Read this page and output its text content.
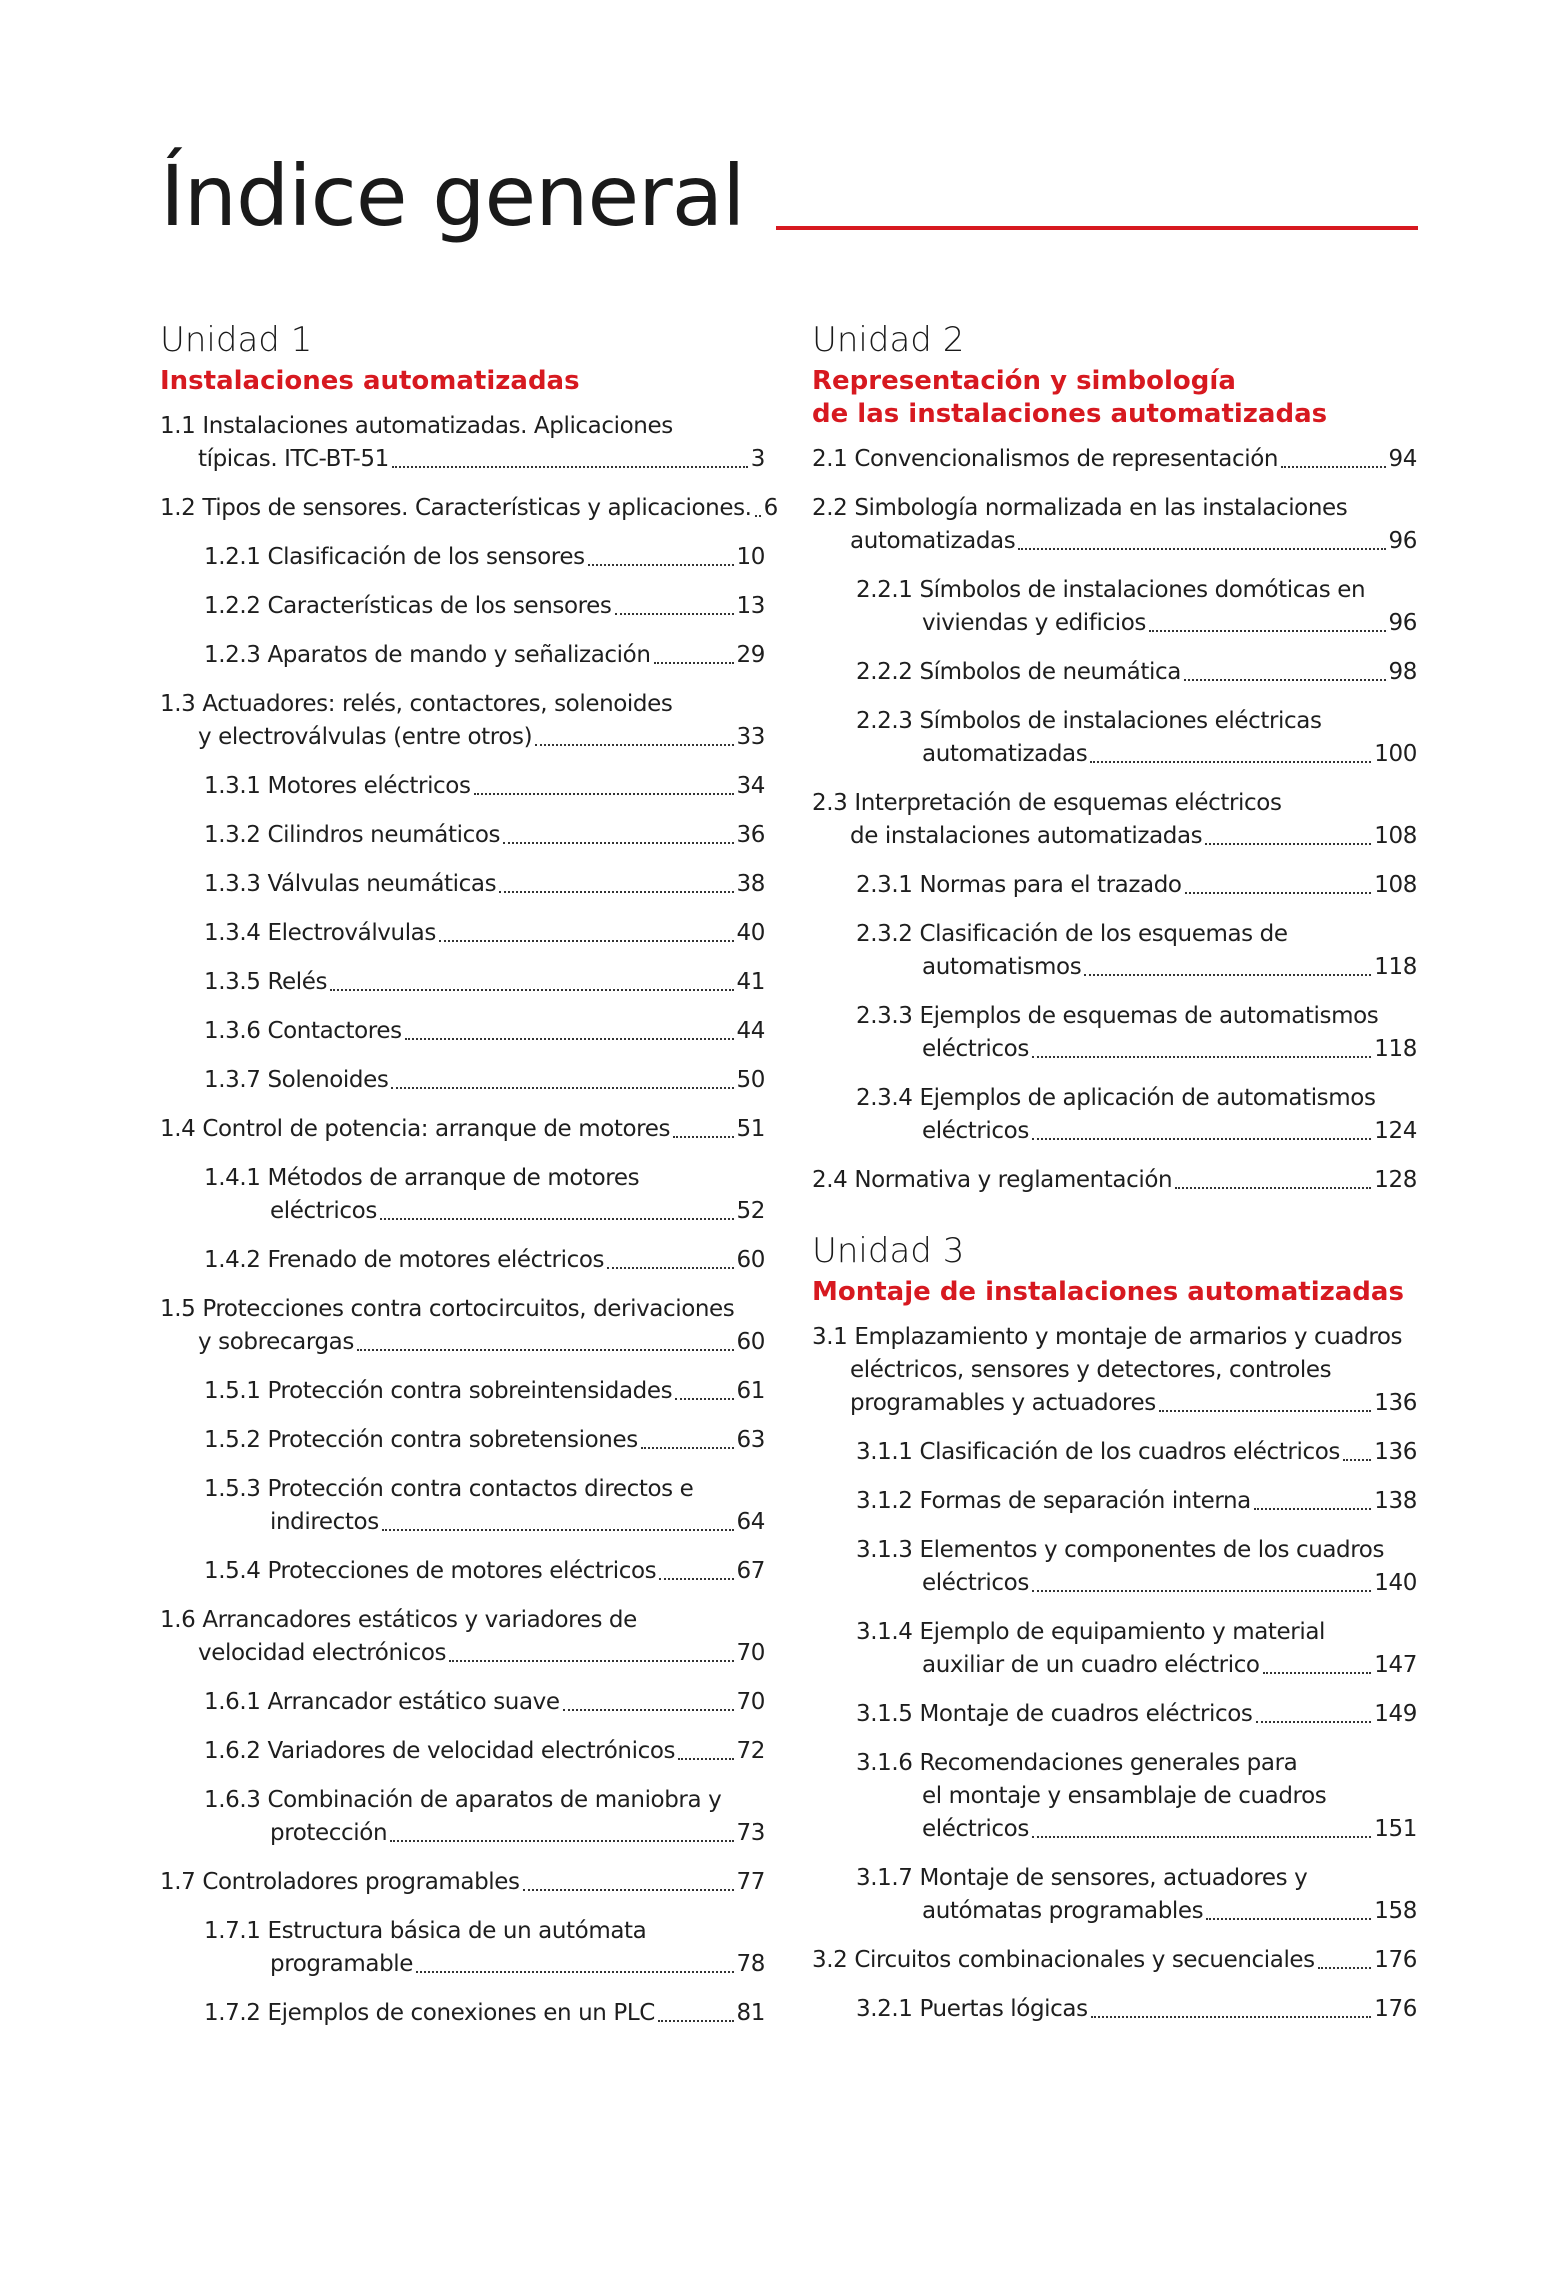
Índice general
Unidad 1
Instalaciones automatizadas
1.1
Instalaciones automatizadas. Aplicaciones
típicas. ITC-BT-51	3
1.2
Tipos de sensores. Características y aplicaciones. 6
1.2.1
Clasificación de los sensores	10
1.2.2
Características de los sensores	13
1.2.3
Aparatos de mando y señalización	29
1.3
Actuadores: relés, contactores, solenoides
y electroválvulas (entre otros)	33
1.3.1
Motores eléctricos	34
1.3.2
Cilindros neumáticos	36
1.3.3
Válvulas neumáticas	38
1.3.4
Electroválvulas	40
1.3.5
Relés	41
1.3.6
Contactores	44
1.3.7
Solenoides	50
1.4
Control de potencia: arranque de motores	51
1.4.1
Métodos de arranque de motores
eléctricos	52
1.4.2
Frenado de motores eléctricos	60
1.5
Protecciones contra cortocircuitos, derivaciones
y sobrecargas	60
1.5.1
Protección contra sobreintensidades	61
1.5.2
Protección contra sobretensiones	63
1.5.3
Protección contra contactos directos e
indirectos	64
1.5.4
Protecciones de motores eléctricos	67
1.6
Arrancadores estáticos y variadores de
velocidad electrónicos	70
1.6.1
Arrancador estático suave	70
1.6.2
Variadores de velocidad electrónicos	72
1.6.3
Combinación de aparatos de maniobra y
protección	73
1.7
Controladores programables	77
1.7.1
Estructura básica de un autómata
programable	78
1.7.2
Ejemplos de conexiones en un PLC	81
Unidad 2
Representación y simbología
de las instalaciones automatizadas
2.1
Convencionalismos de representación	94
2.2
Simbología normalizada en las instalaciones
automatizadas	96
2.2.1
Símbolos de instalaciones domóticas en
viviendas y edificios	96
2.2.2
Símbolos de neumática	98
2.2.3
Símbolos de instalaciones eléctricas
automatizadas	100
2.3
Interpretación de esquemas eléctricos
de instalaciones automatizadas	108
2.3.1
Normas para el trazado	108
2.3.2
Clasificación de los esquemas de
automatismos	118
2.3.3
Ejemplos de esquemas de automatismos
eléctricos	118
2.3.4
Ejemplos de aplicación de automatismos
eléctricos	124
2.4
Normativa y reglamentación	128
Unidad 3
Montaje de instalaciones automatizadas
3.1
Emplazamiento y montaje de armarios y cuadros
eléctricos, sensores y detectores, controles
programables y actuadores	136
3.1.1
Clasificación de los cuadros eléctricos 136
3.1.2
Formas de separación interna	138
3.1.3
Elementos y componentes de los cuadros
eléctricos	140
3.1.4
Ejemplo de equipamiento y material
auxiliar de un cuadro eléctrico	147
3.1.5
Montaje de cuadros eléctricos	149
3.1.6
Recomendaciones generales para
el montaje y ensamblaje de cuadros
eléctricos	151
3.1.7
Montaje de sensores, actuadores y
autómatas programables	158
3.2
Circuitos combinacionales y secuenciales	176
3.2.1
Puertas lógicas	176
